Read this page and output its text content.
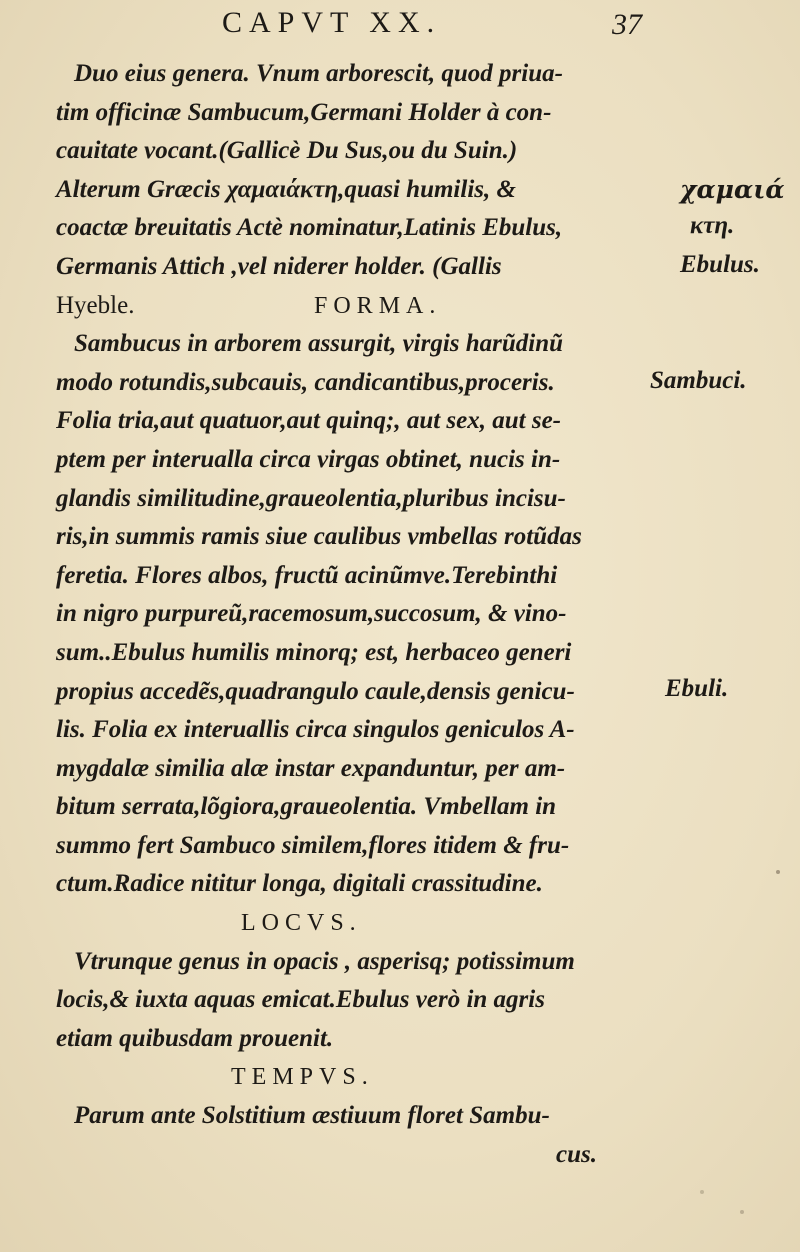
CAPVT XX.	37
Duo eius genera. Vnum arborescit, quod priua-
tim officinæ Sambucum,Germani Holder à con-
cauitate vocant.(Gallicè Du Sus,ou du Suin.)
Alterum Græcis χαμαιάκτη,quasi humilis, &
coactæ breuitatis Actè nominatur,Latinis Ebulus,
Germanis Attich ,vel niderer holder. (Gallis
Hyeble.	FORMA.
Sambucus in arborem assurgit, virgis harũdinũ
modo rotundis,subcauis, candicantibus,proceris.
Folia tria,aut quatuor,aut quinq;, aut sex, aut se-
ptem per interualla circa virgas obtinet, nucis in-
glandis similitudine,graueolentia,pluribus incisu-
ris,in summis ramis siue caulibus vmbellas rotũdas
feretia. Flores albos, fructũ acinũmve.Terebinthi
in nigro purpureũ,racemosum,succosum, & vino-
sum..Ebulus humilis minorq; est, herbaceo generi
propius accedẽs,quadrangulo caule,densis genicu-
lis. Folia ex interuallis circa singulos geniculos A-
mygdalæ similia alæ instar expanduntur, per am-
bitum serrata,lõgiora,graueolentia. Vmbellam in
summo fert Sambuco similem,flores itidem & fru-
ctum.Radice nititur longa, digitali crassitudine.
LOCVS.
Vtrunque genus in opacis , asperisq; potissimum
locis,& iuxta aquas emicat.Ebulus verò in agris
etiam quibusdam prouenit.
TEMPVS.
Parum ante Solstitium æstiuum floret Sambu-
cus.
χαμαιά
κτη.
Ebulus.
Sambuci.
Ebuli.
